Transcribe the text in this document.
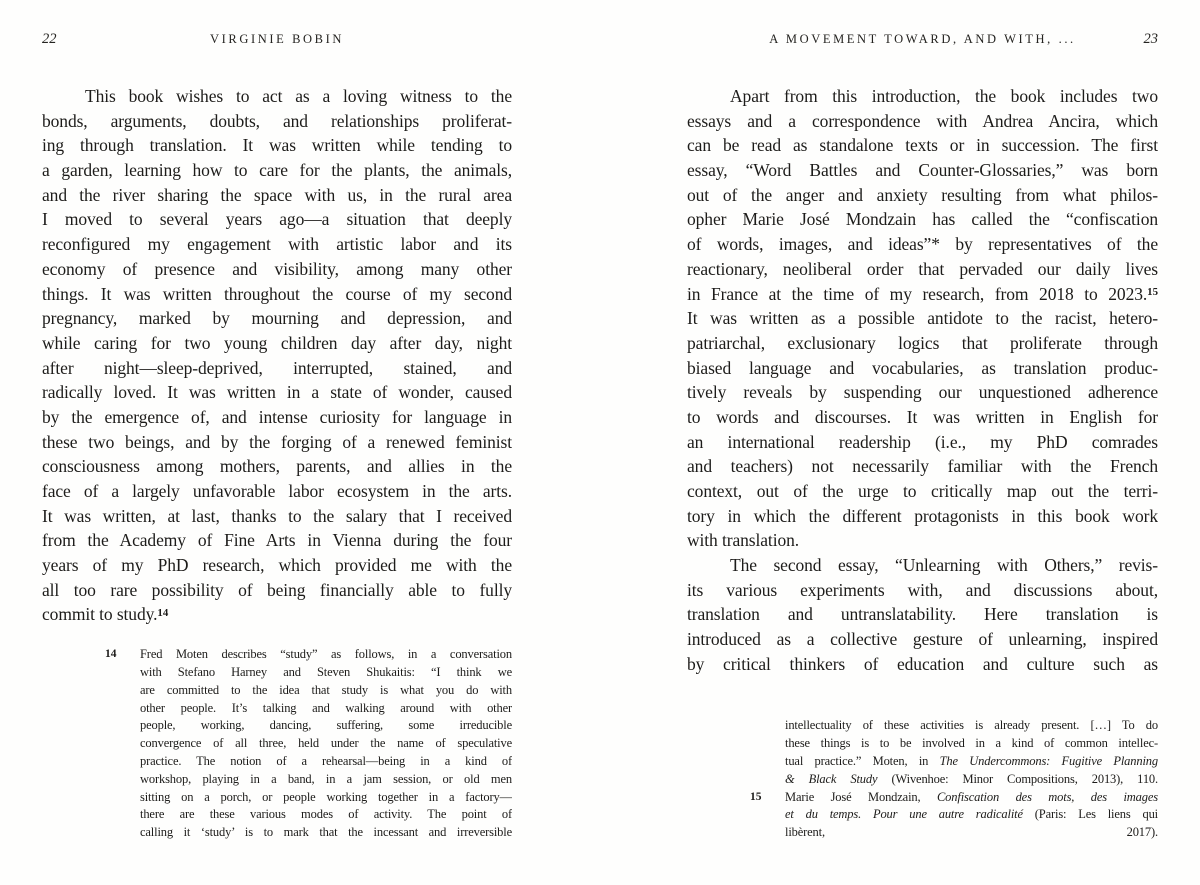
22	VIRGINIE BOBIN
This book wishes to act as a loving witness to the
bonds, arguments, doubts, and relationships proliferat-
ing through translation. It was written while tending to
a garden, learning how to care for the plants, the animals,
and the river sharing the space with us, in the rural area
I moved to several years ago—a situation that deeply
reconfigured my engagement with artistic labor and its
economy of presence and visibility, among many other
things. It was written throughout the course of my second
pregnancy, marked by mourning and depression, and
while caring for two young children day after day, night
after night—sleep-deprived, interrupted, stained, and
radically loved. It was written in a state of wonder, caused
by the emergence of, and intense curiosity for language in
these two beings, and by the forging of a renewed feminist
consciousness among mothers, parents, and allies in the
face of a largely unfavorable labor ecosystem in the arts.
It was written, at last, thanks to the salary that I received
from the Academy of Fine Arts in Vienna during the four
years of my PhD research, which provided me with the
all too rare possibility of being financially able to fully
commit to study.$^{14}$
14 Fred Moten describes “study” as follows, in a conversation
with Stefano Harney and Steven Shukaitis: “I think we
are committed to the idea that study is what you do with
other people. It’s talking and walking around with other
people, working, dancing, suffering, some irreducible
convergence of all three, held under the name of speculative
practice. The notion of a rehearsal—being in a kind of
workshop, playing in a band, in a jam session, or old men
sitting on a porch, or people working together in a factory—
there are these various modes of activity. The point of
calling it ‘study’ is to mark that the incessant and irreversible
A MOVEMENT TOWARD, AND WITH, ...	23
Apart from this introduction, the book includes two
essays and a correspondence with Andrea Ancira, which
can be read as standalone texts or in succession. The first
essay, “Word Battles and Counter-Glossaries,” was born
out of the anger and anxiety resulting from what philos-
opher Marie José Mondzain has called the “confiscation
of words, images, and ideas”* by representatives of the
reactionary, neoliberal order that pervaded our daily lives
in France at the time of my research, from 2018 to 2023.15
It was written as a possible antidote to the racist, hetero-
patriarchal, exclusionary logics that proliferate through
biased language and vocabularies, as translation produc-
tively reveals by suspending our unquestioned adherence
to words and discourses. It was written in English for
an international readership (i.e., my PhD comrades
and teachers) not necessarily familiar with the French
context, out of the urge to critically map out the terri-
tory in which the different protagonists in this book work
with translation.
The second essay, “Unlearning with Others,” revis-
its various experiments with, and discussions about,
translation and untranslatability. Here translation is
introduced as a collective gesture of unlearning, inspired
by critical thinkers of education and culture such as
intellectuality of these activities is already present. […] To do
these things is to be involved in a kind of common intellec-
tual practice.” Moten, in The Undercommons: Fugitive Planning
& Black Study (Wivenhoe: Minor Compositions, 2013), 110.
15 Marie José Mondzain, Confiscation des mots, des images
et du temps. Pour une autre radicalité (Paris: Les liens qui
libèrent, 2017).
